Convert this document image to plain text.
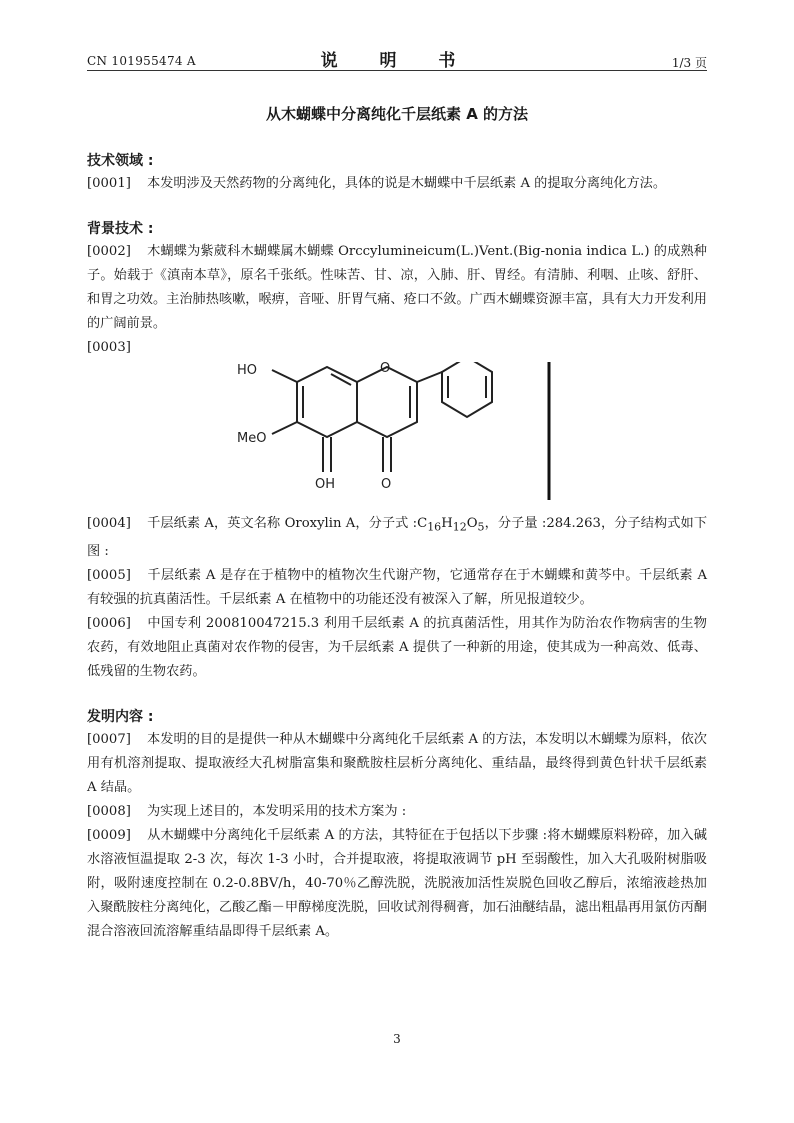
CN 101955474 A	说 明 书	1/3 页
从木蝴蝶中分离纯化千层纸素 A 的方法

技术领域 :

[0001] 本发明涉及天然药物的分离纯化，具体的说是木蝴蝶中千层纸素 A 的提取分离纯化方法。

背景技术 :

[0002] 木蝴蝶为紫葳科木蝴蝶属木蝴蝶 Orccylumineicum(L.)Vent.(Big-nonia indica L.) 的成熟种子。始载于《滇南本草》，原名千张纸。性味苦、甘、凉，入肺、肝、胃经。有清肺、利咽、止咳、舒肝、和胃之功效。主治肺热咳嗽，喉痹，音哑、肝胃气痛、疮口不敛。广西木蝴蝶资源丰富，具有大力开发利用的广阔前景。

[0003]

HO
MeO
O
OH	O

[0004] 千层纸素 A，英文名称 Oroxylin A，分子式 $:C_{16}H_{12}O_5$，分子量 :284.263，分子结构式如下图 :

[0005] 千层纸素 A 是存在于植物中的植物次生代谢产物，它通常存在于木蝴蝶和黄芩中。千层纸素 A 有较强的抗真菌活性。千层纸素 A 在植物中的功能还没有被深入了解，所见报道较少。

[0006] 中国专利 200810047215.3 利用千层纸素 A 的抗真菌活性，用其作为防治农作物病害的生物农药，有效地阻止真菌对农作物的侵害，为千层纸素 A 提供了一种新的用途，使其成为一种高效、低毒、低残留的生物农药。

发明内容 :

[0007] 本发明的目的是提供一种从木蝴蝶中分离纯化千层纸素 A 的方法，本发明以木蝴蝶为原料，依次用有机溶剂提取、提取液经大孔树脂富集和聚酰胺柱层析分离纯化、重结晶，最终得到黄色针状千层纸素 A 结晶。

[0008] 为实现上述目的，本发明采用的技术方案为 :

[0009] 从木蝴蝶中分离纯化千层纸素 A 的方法，其特征在于包括以下步骤 :将木蝴蝶原料粉碎，加入碱水溶液恒温提取 2-3 次，每次 1-3 小时，合并提取液，将提取液调节 pH 至弱酸性，加入大孔吸附树脂吸附，吸附速度控制在 0.2-0.8BV/h，40-70％乙醇洗脱，洗脱液加活性炭脱色回收乙醇后，浓缩液趁热加入聚酰胺柱分离纯化，乙酸乙酯－甲醇梯度洗脱，回收试剂得稠膏，加石油醚结晶，滤出粗晶再用氯仿丙酮混合溶液回流溶解重结晶即得千层纸素 A。

3
